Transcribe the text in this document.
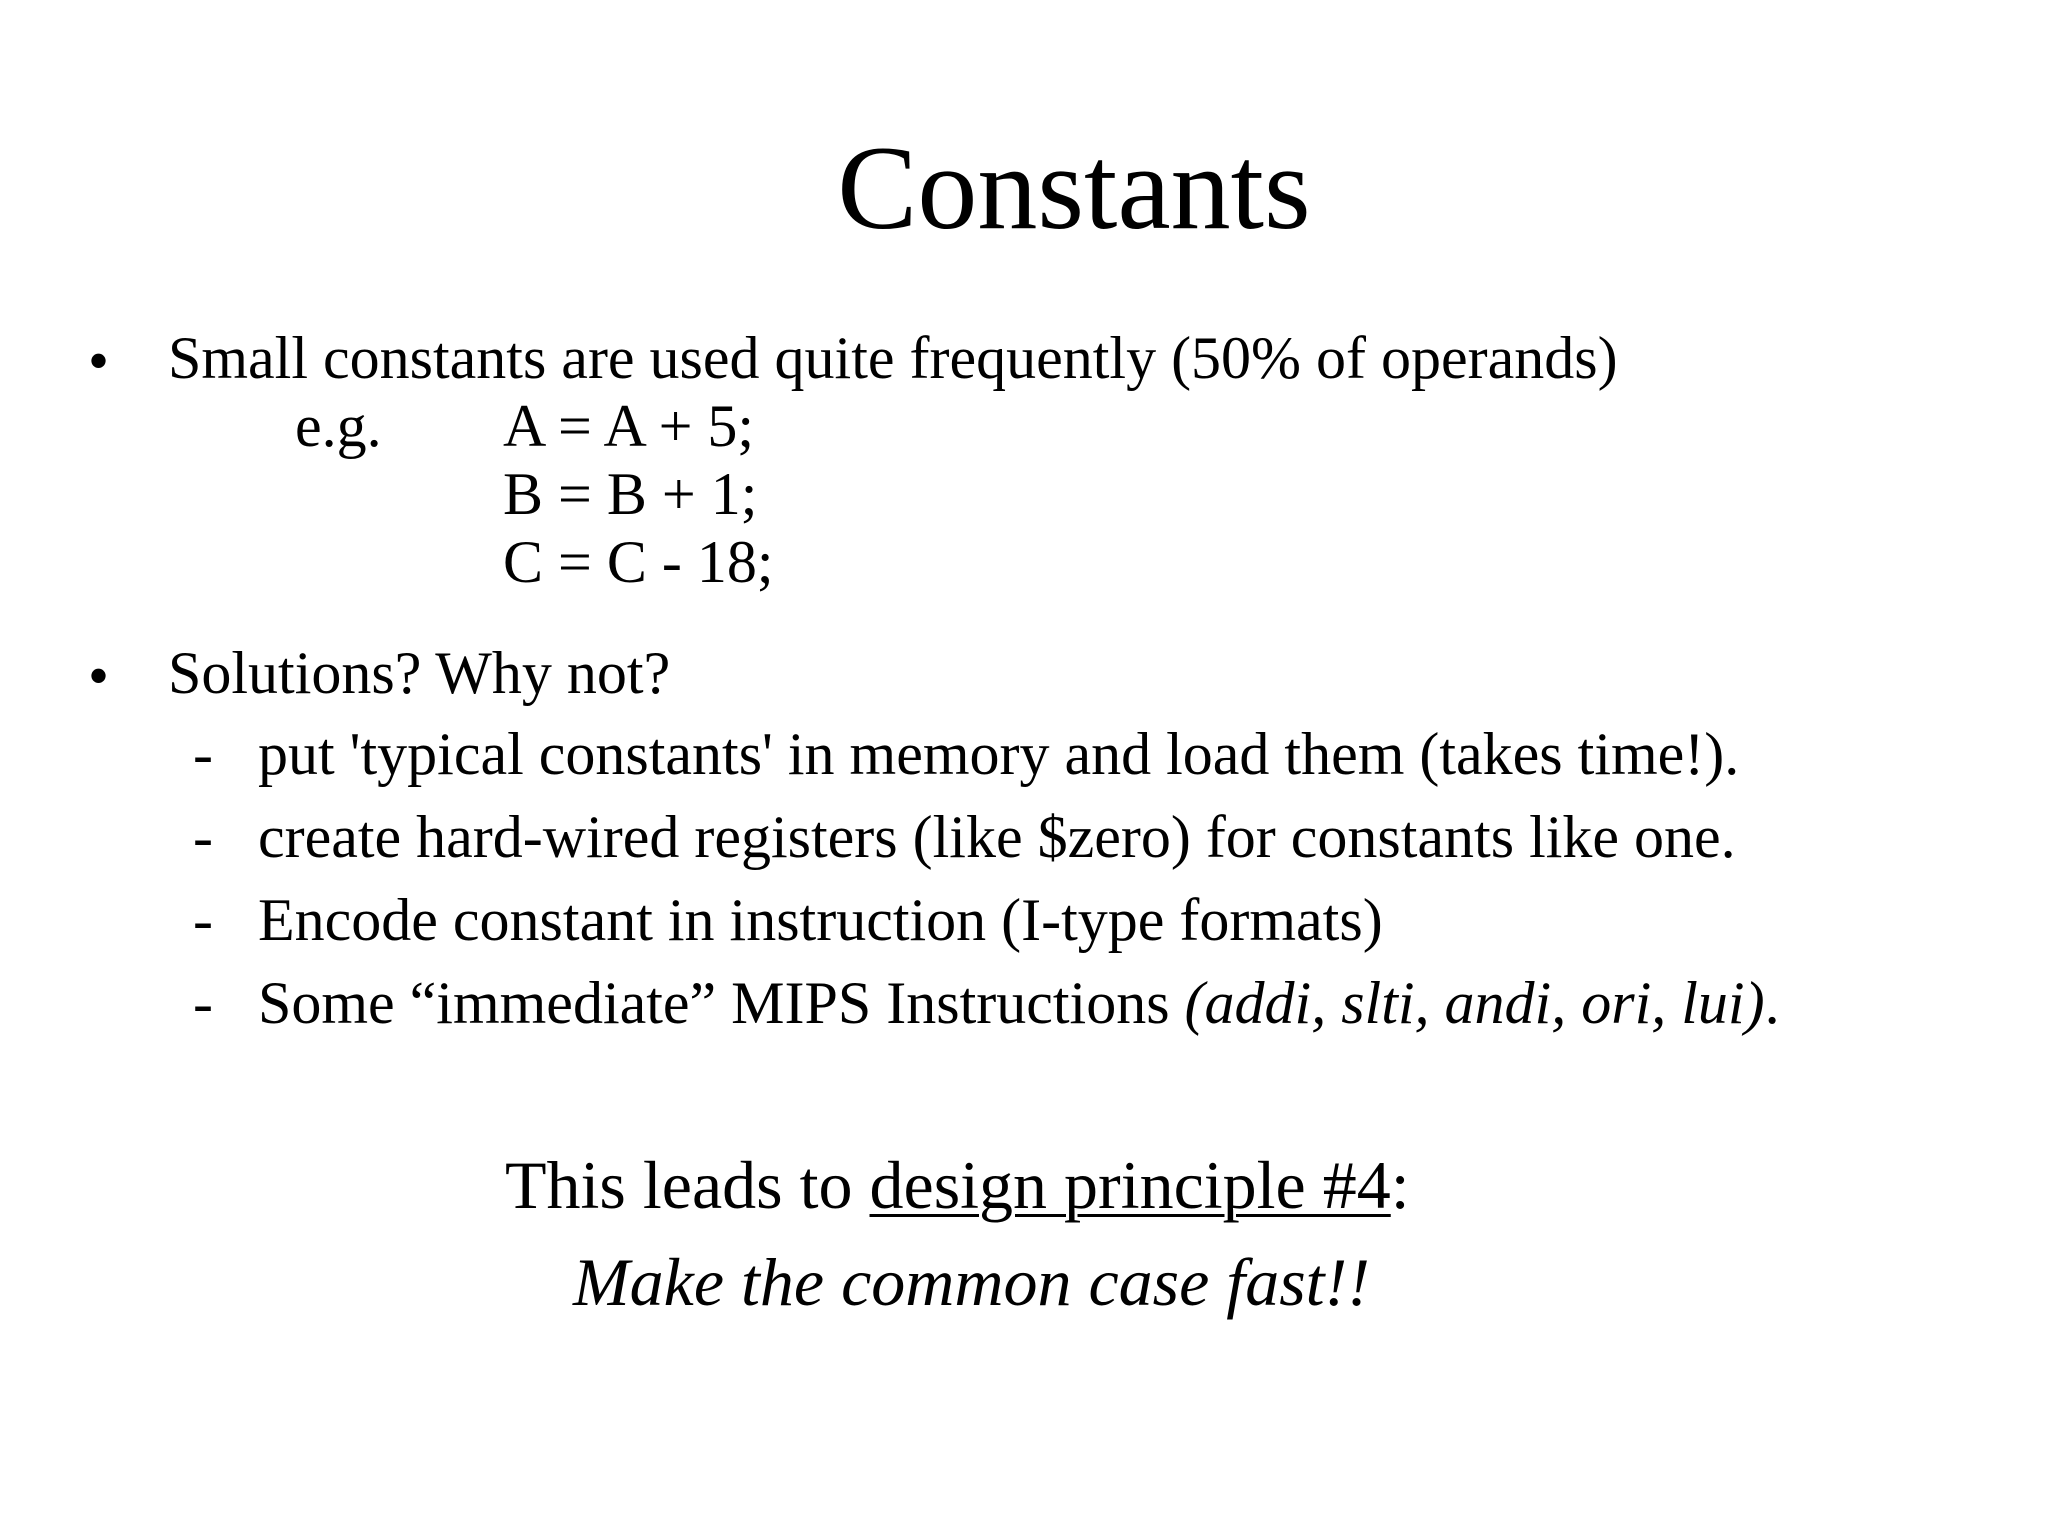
Constants
• Small constants are used quite frequently (50% of operands)
e.g. A = A + 5;
B = B + 1;
C = C - 18;
• Solutions? Why not?
- put 'typical constants' in memory and load them (takes time!).
- create hard-wired registers (like $zero) for constants like one.
- Encode constant in instruction (I-type formats)
- Some “immediate” MIPS Instructions (addi, slti, andi, ori, lui).
This leads to design principle #4:
Make the common case fast!!
